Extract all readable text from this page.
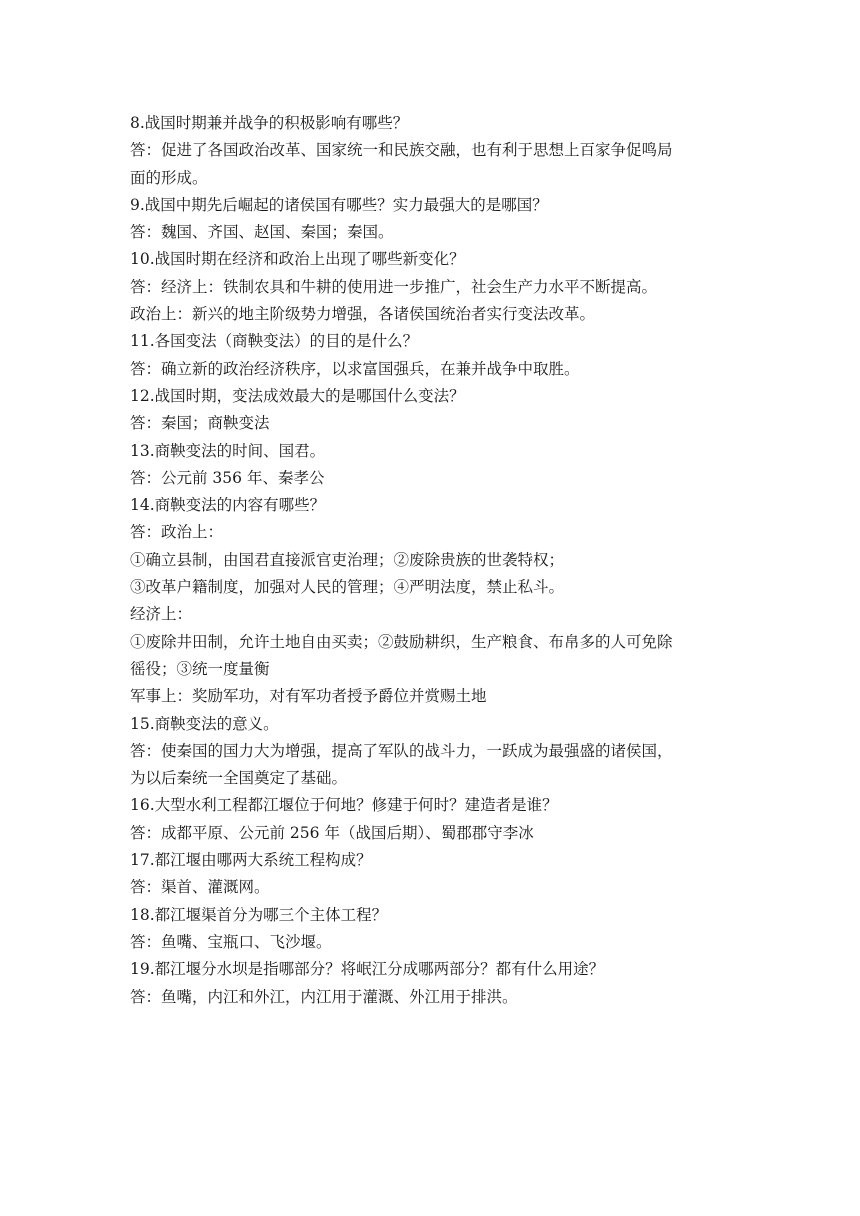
8.战国时期兼并战争的积极影响有哪些？
答：促进了各国政治改革、国家统一和民族交融，也有利于思想上百家争促鸣局
面的形成。
9.战国中期先后崛起的诸侯国有哪些？实力最强大的是哪国？
答：魏国、齐国、赵国、秦国；秦国。
10.战国时期在经济和政治上出现了哪些新变化？
答：经济上：铁制农具和牛耕的使用进一步推广，社会生产力水平不断提高。
政治上：新兴的地主阶级势力增强，各诸侯国统治者实行变法改革。
11.各国变法（商鞅变法）的目的是什么？
答：确立新的政治经济秩序，以求富国强兵，在兼并战争中取胜。
12.战国时期，变法成效最大的是哪国什么变法？
答：秦国；商鞅变法
13.商鞅变法的时间、国君。
答：公元前 356 年、秦孝公
14.商鞅变法的内容有哪些？
答：政治上：
①确立县制，由国君直接派官吏治理；②废除贵族的世袭特权；
③改革户籍制度，加强对人民的管理；④严明法度，禁止私斗。
经济上：
①废除井田制，允许土地自由买卖；②鼓励耕织，生产粮食、布帛多的人可免除
徭役；③统一度量衡
军事上：奖励军功，对有军功者授予爵位并赏赐土地
15.商鞅变法的意义。
答：使秦国的国力大为增强，提高了军队的战斗力，一跃成为最强盛的诸侯国，
为以后秦统一全国奠定了基础。
16.大型水利工程都江堰位于何地？修建于何时？建造者是谁？
答：成都平原、公元前 256 年（战国后期）、蜀郡郡守李冰
17.都江堰由哪两大系统工程构成？
答：渠首、灌溉网。
18.都江堰渠首分为哪三个主体工程？
答：鱼嘴、宝瓶口、飞沙堰。
19.都江堰分水坝是指哪部分？将岷江分成哪两部分？都有什么用途？
答：鱼嘴，内江和外江，内江用于灌溉、外江用于排洪。
